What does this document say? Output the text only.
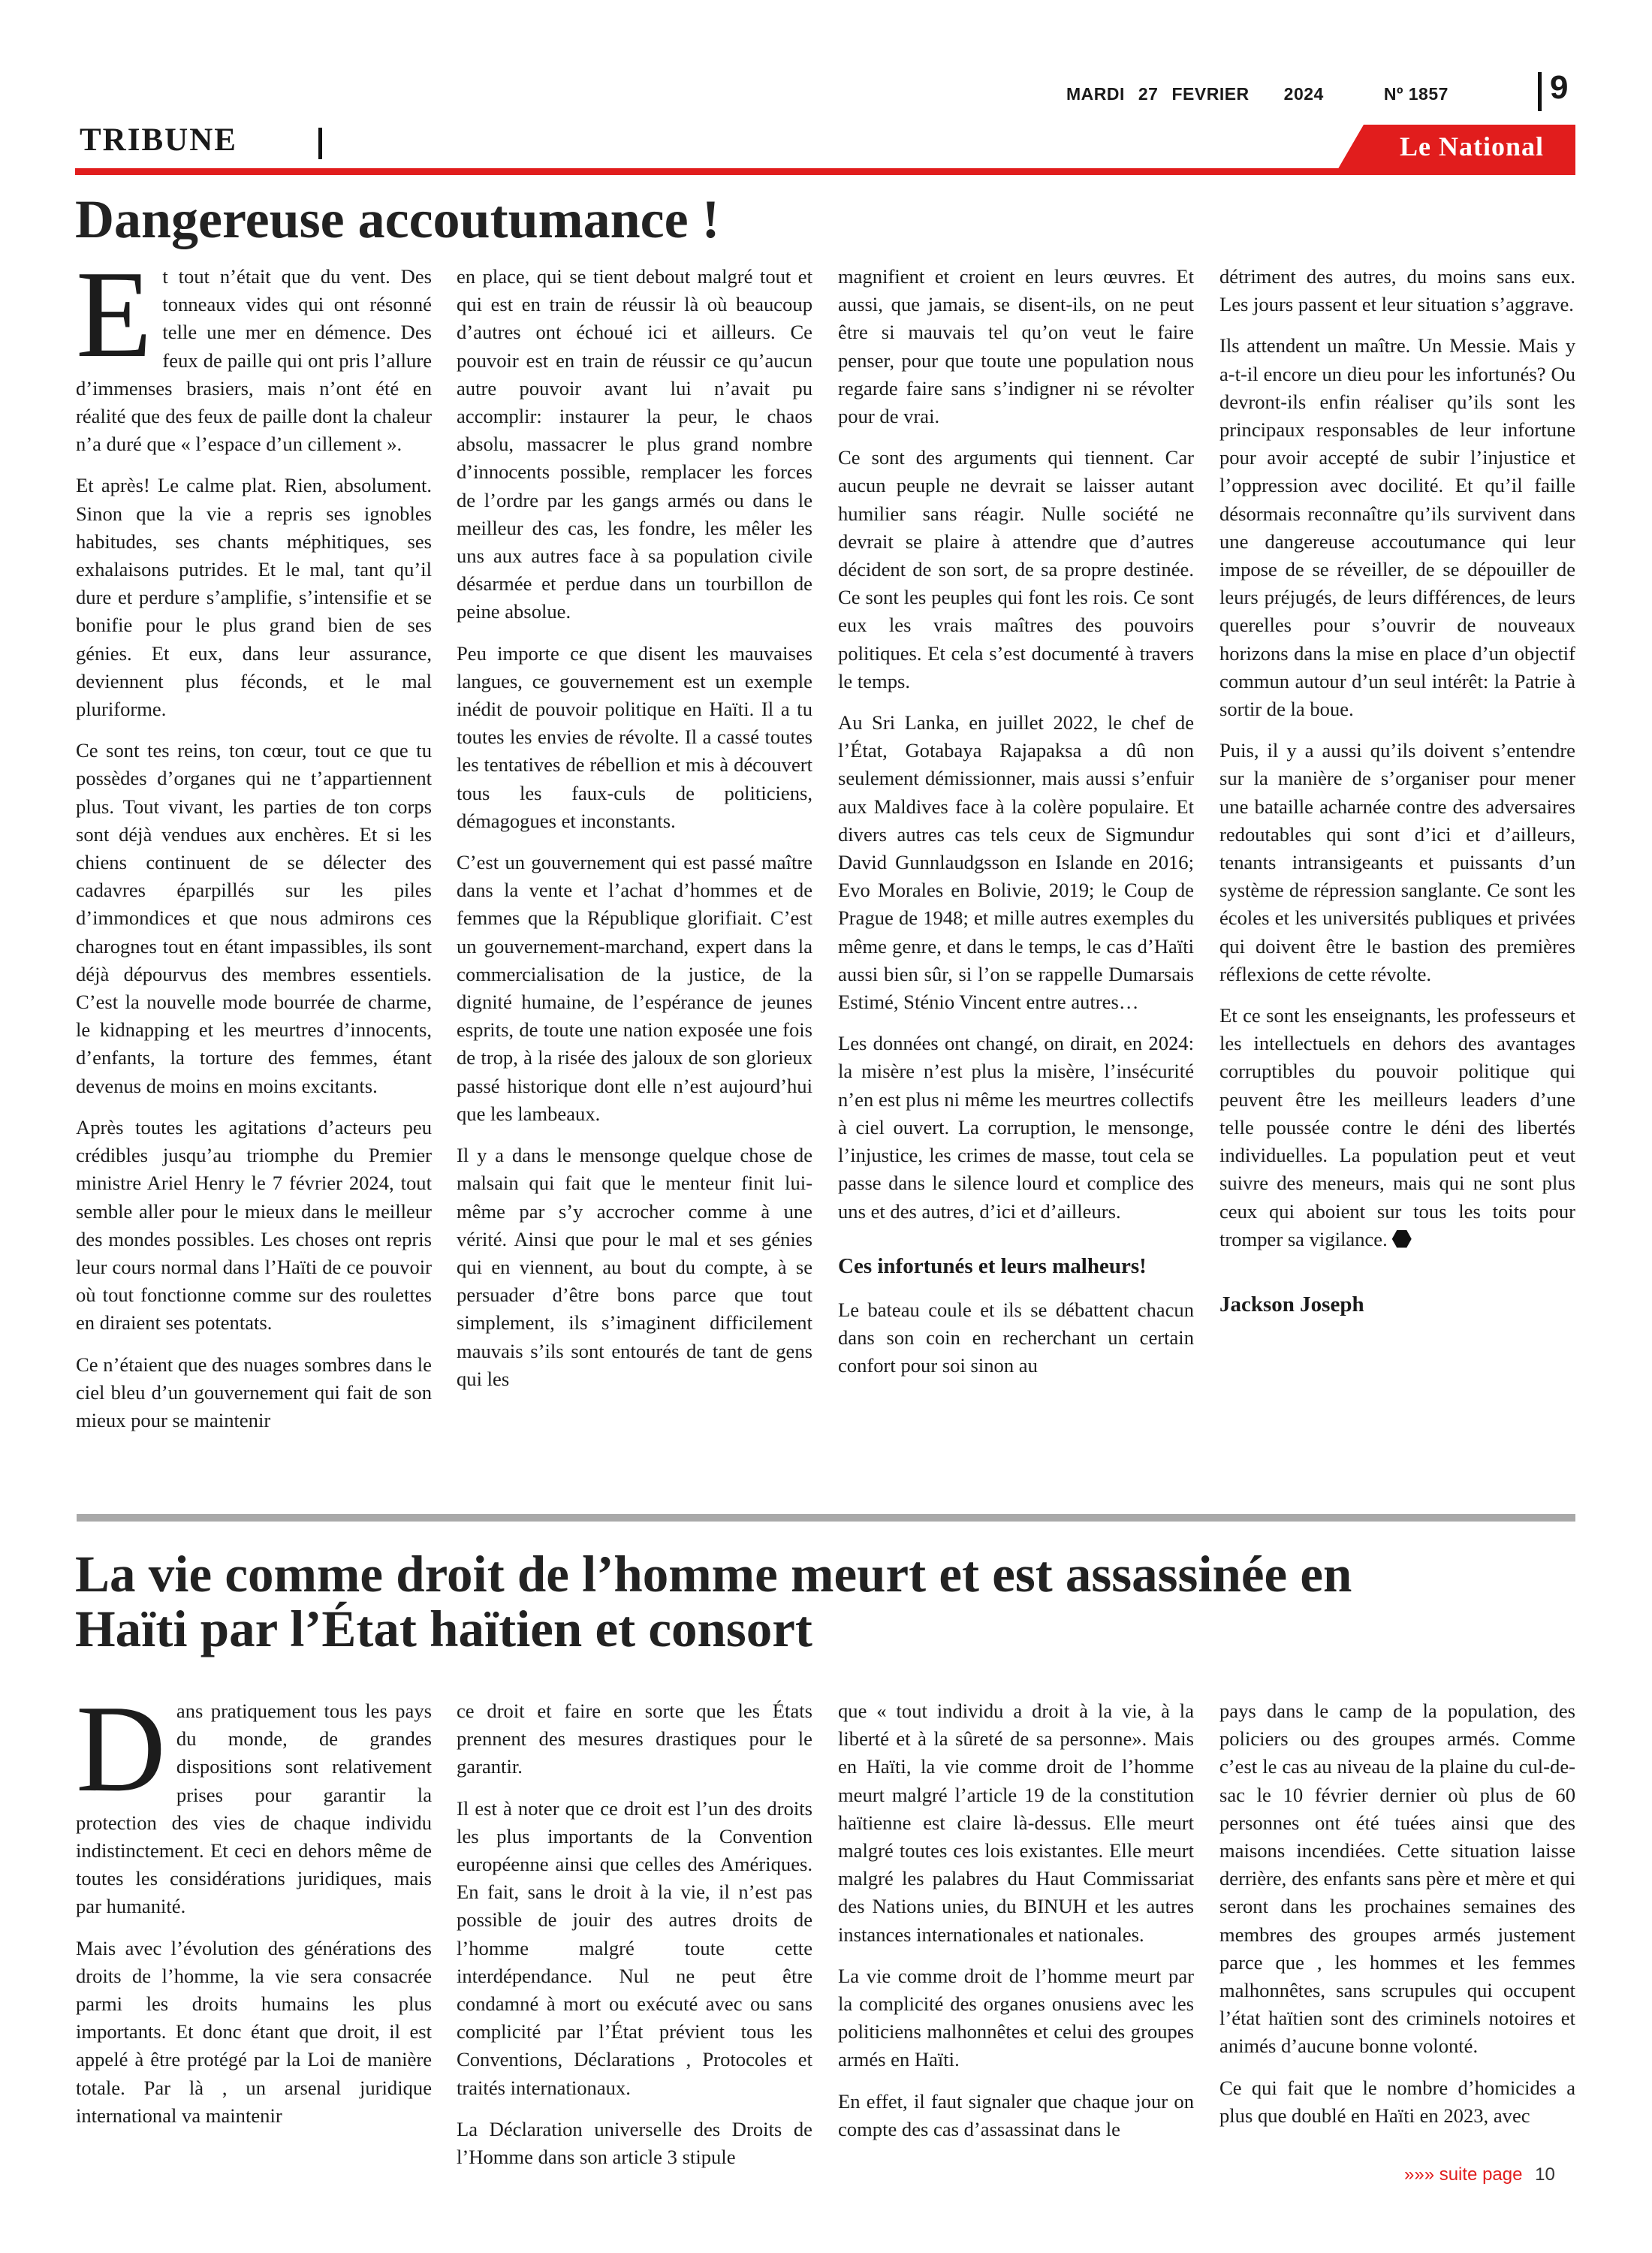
MARDI 27 FEVRIER 2024	Nº 1857	9
TRIBUNE	Le National
Dangereuse accoutumance !
E t tout n’était que du vent. Des tonneaux vides qui ont résonné telle une mer en démence. Des feux de paille qui ont pris l’allure d’immenses brasiers, mais n’ont été en réalité que des feux de paille dont la chaleur n’a duré que « l’espace d’un cillement ».

Et après! Le calme plat. Rien, absolument. Sinon que la vie a repris ses ignobles habitudes, ses chants méphitiques, ses exhalaisons putrides. Et le mal, tant qu’il dure et perdure s’amplifie, s’intensifie et se bonifie pour le plus grand bien de ses génies. Et eux, dans leur assurance, deviennent plus féconds, et le mal pluriforme.

Ce sont tes reins, ton cœur, tout ce que tu possèdes d’organes qui ne t’appartiennent plus. Tout vivant, les parties de ton corps sont déjà vendues aux enchères. Et si les chiens continuent de se délecter des cadavres éparpillés sur les piles d’immondices et que nous admirons ces charognes tout en étant impassibles, ils sont déjà dépourvus des membres essentiels. C’est la nouvelle mode bourrée de charme, le kidnapping et les meurtres d’innocents, d’enfants, la torture des femmes, étant devenus de moins en moins excitants.

Après toutes les agitations d’acteurs peu crédibles jusqu’au triomphe du Premier ministre Ariel Henry le 7 février 2024, tout semble aller pour le mieux dans le meilleur des mondes possibles. Les choses ont repris leur cours normal dans l’Haïti de ce pouvoir où tout fonctionne comme sur des roulettes en diraient ses potentats.

Ce n’étaient que des nuages sombres dans le ciel bleu d’un gouvernement qui fait de son mieux pour se maintenir

en place, qui se tient debout malgré tout et qui est en train de réussir là où beaucoup d’autres ont échoué ici et ailleurs. Ce pouvoir est en train de réussir ce qu’aucun autre pouvoir avant lui n’avait pu accomplir: instaurer la peur, le chaos absolu, massacrer le plus grand nombre d’innocents possible, remplacer les forces de l’ordre par les gangs armés ou dans le meilleur des cas, les fondre, les mêler les uns aux autres face à sa population civile désarmée et perdue dans un tourbillon de peine absolue.

Peu importe ce que disent les mauvaises langues, ce gouvernement est un exemple inédit de pouvoir politique en Haïti. Il a tu toutes les envies de révolte. Il a cassé toutes les tentatives de rébellion et mis à découvert tous les faux-culs de politiciens, démagogues et inconstants.

C’est un gouvernement qui est passé maître dans la vente et l’achat d’hommes et de femmes que la République glorifiait. C’est un gouvernement-marchand, expert dans la commercialisation de la justice, de la dignité humaine, de l’espérance de jeunes esprits, de toute une nation exposée une fois de trop, à la risée des jaloux de son glorieux passé historique dont elle n’est aujourd’hui que les lambeaux.

Il y a dans le mensonge quelque chose de malsain qui fait que le menteur finit lui-même par s’y accrocher comme à une vérité. Ainsi que pour le mal et ses génies qui en viennent, au bout du compte, à se persuader d’être bons parce que tout simplement, ils s’imaginent difficilement mauvais s’ils sont entourés de tant de gens qui les

magnifient et croient en leurs œuvres. Et aussi, que jamais, se disent-ils, on ne peut être si mauvais tel qu’on veut le faire penser, pour que toute une population nous regarde faire sans s’indigner ni se révolter pour de vrai.

Ce sont des arguments qui tiennent. Car aucun peuple ne devrait se laisser autant humilier sans réagir. Nulle société ne devrait se plaire à attendre que d’autres décident de son sort, de sa propre destinée. Ce sont les peuples qui font les rois. Ce sont eux les vrais maîtres des pouvoirs politiques. Et cela s’est documenté à travers le temps.

Au Sri Lanka, en juillet 2022, le chef de l’État, Gotabaya Rajapaksa a dû non seulement démissionner, mais aussi s’enfuir aux Maldives face à la colère populaire. Et divers autres cas tels ceux de Sigmundur David Gunnlaudgsson en Islande en 2016; Evo Morales en Bolivie, 2019; le Coup de Prague de 1948; et mille autres exemples du même genre, et dans le temps, le cas d’Haïti aussi bien sûr, si l’on se rappelle Dumarsais Estimé, Sténio Vincent entre autres…

Les données ont changé, on dirait, en 2024: la misère n’est plus la misère, l’insécurité n’en est plus ni même les meurtres collectifs à ciel ouvert. La corruption, le mensonge, l’injustice, les crimes de masse, tout cela se passe dans le silence lourd et complice des uns et des autres, d’ici et d’ailleurs.

Ces infortunés et leurs malheurs!

Le bateau coule et ils se débattent chacun dans son coin en recherchant un certain confort pour soi sinon au

détriment des autres, du moins sans eux. Les jours passent et leur situation s’aggrave.

Ils attendent un maître. Un Messie. Mais y a-t-il encore un dieu pour les infortunés? Ou devront-ils enfin réaliser qu’ils sont les principaux responsables de leur infortune pour avoir accepté de subir l’injustice et l’oppression avec docilité. Et qu’il faille désormais reconnaître qu’ils survivent dans une dangereuse accoutumance qui leur impose de se réveiller, de se dépouiller de leurs préjugés, de leurs différences, de leurs querelles pour s’ouvrir de nouveaux horizons dans la mise en place d’un objectif commun autour d’un seul intérêt: la Patrie à sortir de la boue.

Puis, il y a aussi qu’ils doivent s’entendre sur la manière de s’organiser pour mener une bataille acharnée contre des adversaires redoutables qui sont d’ici et d’ailleurs, tenants intransigeants et puissants d’un système de répression sanglante. Ce sont les écoles et les universités publiques et privées qui doivent être le bastion des premières réflexions de cette révolte.

Et ce sont les enseignants, les professeurs et les intellectuels en dehors des avantages corruptibles du pouvoir politique qui peuvent être les meilleurs leaders d’une telle poussée contre le déni des libertés individuelles. La population peut et veut suivre des meneurs, mais qui ne sont plus ceux qui aboient sur tous les toits pour tromper sa vigilance.

Jackson Joseph
La vie comme droit de l’homme meurt et est assassinée en
Haïti par l’État haïtien et consort
D ans pratiquement tous les pays du monde, de grandes dispositions sont relativement prises pour garantir la protection des vies de chaque individu indistinctement. Et ceci en dehors même de toutes les considérations juridiques, mais par humanité.

Mais avec l’évolution des générations des droits de l’homme, la vie sera consacrée parmi les droits humains les plus importants. Et donc étant que droit, il est appelé à être protégé par la Loi de manière totale. Par là , un arsenal juridique international va maintenir

ce droit et faire en sorte que les États prennent des mesures drastiques pour le garantir.

Il est à noter que ce droit est l’un des droits les plus importants de la Convention européenne ainsi que celles des Amériques. En fait, sans le droit à la vie, il n’est pas possible de jouir des autres droits de l’homme malgré toute cette interdépendance. Nul ne peut être condamné à mort ou exécuté avec ou sans complicité par l’État prévient tous les Conventions, Déclarations , Protocoles et traités internationaux.

La Déclaration universelle des Droits de l’Homme dans son article 3 stipule

que « tout individu a droit à la vie, à la liberté et à la sûreté de sa personne». Mais en Haïti, la vie comme droit de l’homme meurt malgré l’article 19 de la constitution haïtienne est claire là-dessus. Elle meurt malgré toutes ces lois existantes. Elle meurt malgré les palabres du Haut Commissariat des Nations unies, du BINUH et les autres instances internationales et nationales.

La vie comme droit de l’homme meurt par la complicité des organes onusiens avec les politiciens malhonnêtes et celui des groupes armés en Haïti.

En effet, il faut signaler que chaque jour on compte des cas d’assassinat dans le

pays dans le camp de la population, des policiers ou des groupes armés. Comme c’est le cas au niveau de la plaine du cul-de-sac le 10 février dernier où plus de 60 personnes ont été tuées ainsi que des maisons incendiées. Cette situation laisse derrière, des enfants sans père et mère et qui seront dans les prochaines semaines des membres des groupes armés justement parce que , les hommes et les femmes malhonnêtes, sans scrupules qui occupent l’état haïtien sont des criminels notoires et animés d’aucune bonne volonté.

Ce qui fait que le nombre d’homicides a plus que doublé en Haïti en 2023, avec

»»» suite page 10
